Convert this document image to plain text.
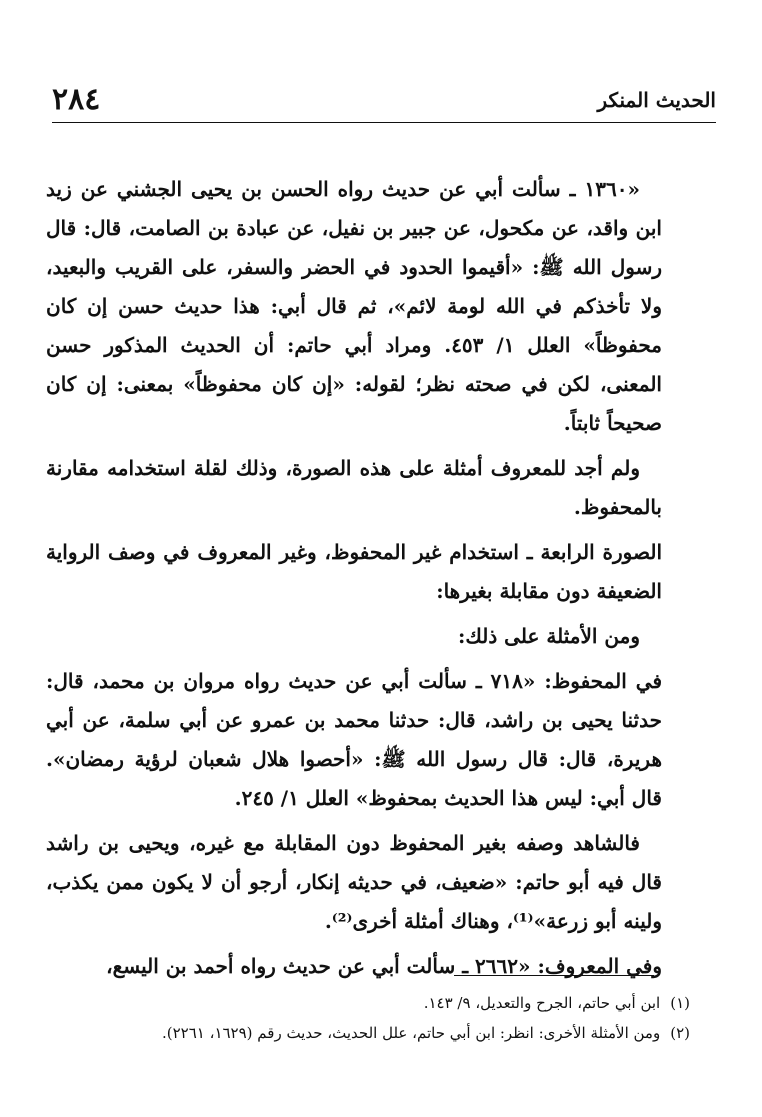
٢٨٤	الحديث المنكر

«١٣٦٠ ـ سألت أبي عن حديث رواه الحسن بن يحيى الجشني عن زيد ابن واقد، عن مكحول، عن جبير بن نفيل، عن عبادة بن الصامت، قال: قال رسول الله ﷺ: «أقيموا الحدود في الحضر والسفر، على القريب والبعيد، ولا تأخذكم في الله لومة لائم»، ثم قال أبي: هذا حديث حسن إن كان محفوظاً» العلل ١/ ٤٥٣. ومراد أبي حاتم: أن الحديث المذكور حسن المعنى، لكن في صحته نظر؛ لقوله: «إن كان محفوظاً» بمعنى: إن كان صحيحاً ثابتاً.

ولم أجد للمعروف أمثلة على هذه الصورة، وذلك لقلة استخدامه مقارنة بالمحفوظ.

الصورة الرابعة ـ استخدام غير المحفوظ، وغير المعروف في وصف الرواية الضعيفة دون مقابلة بغيرها:

ومن الأمثلة على ذلك:

في المحفوظ: «٧١٨ ـ سألت أبي عن حديث رواه مروان بن محمد، قال: حدثنا يحيى بن راشد، قال: حدثنا محمد بن عمرو عن أبي سلمة، عن أبي هريرة، قال: قال رسول الله ﷺ: «أحصوا هلال شعبان لرؤية رمضان». قال أبي: ليس هذا الحديث بمحفوظ» العلل ١/ ٢٤٥.

فالشاهد وصفه بغير المحفوظ دون المقابلة مع غيره، ويحيى بن راشد قال فيه أبو حاتم: «ضعيف، في حديثه إنكار، أرجو أن لا يكون ممن يكذب، ولينه أبو زرعة»⁽¹⁾، وهناك أمثلة أخرى⁽²⁾.

وفي المعروف: «٢٦٦٢ ـ سألت أبي عن حديث رواه أحمد بن اليسع،

(١)ابن أبي حاتم، الجرح والتعديل، ٩/ ١٤٣.
(٢)ومن الأمثلة الأخرى: انظر: ابن أبي حاتم، علل الحديث، حديث رقم (١٦٢٩، ٢٢٦١).
